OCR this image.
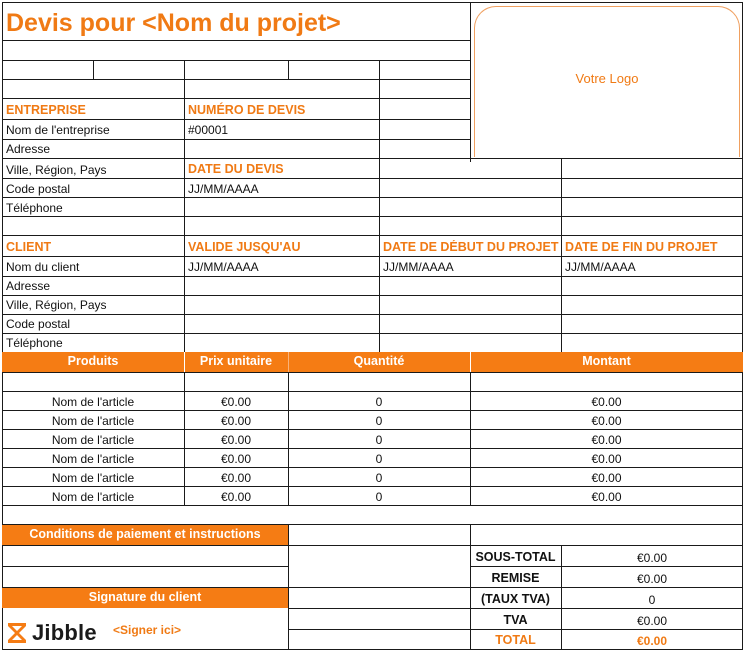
Devis pour <Nom du projet>
Votre Logo
ENTREPRISE
Nom de l'entreprise
Adresse
Ville, Région, Pays
Code postal
Téléphone
NUMÉRO DE DEVIS
#00001
DATE DU DEVIS
JJ/MM/AAAA
CLIENT
Nom du client
Adresse
Ville, Région, Pays
Code postal
Téléphone
VALIDE JUSQU'AU
JJ/MM/AAAA
DATE DE DÉBUT DU PROJET
JJ/MM/AAAA
DATE DE FIN DU PROJET
JJ/MM/AAAA
Produits	Prix unitaire	Quantité	Montant
Nom de l'article	€0.00	0	€0.00
Nom de l'article	€0.00	0	€0.00
Nom de l'article	€0.00	0	€0.00
Nom de l'article	€0.00	0	€0.00
Nom de l'article	€0.00	0	€0.00
Nom de l'article	€0.00	0	€0.00
Conditions de paiement et instructions
Signature du client
Jibble <Signer ici>
SOUS-TOTAL	€0.00
REMISE	€0.00
(TAUX TVA)	0
TVA	€0.00
TOTAL	€0.00
